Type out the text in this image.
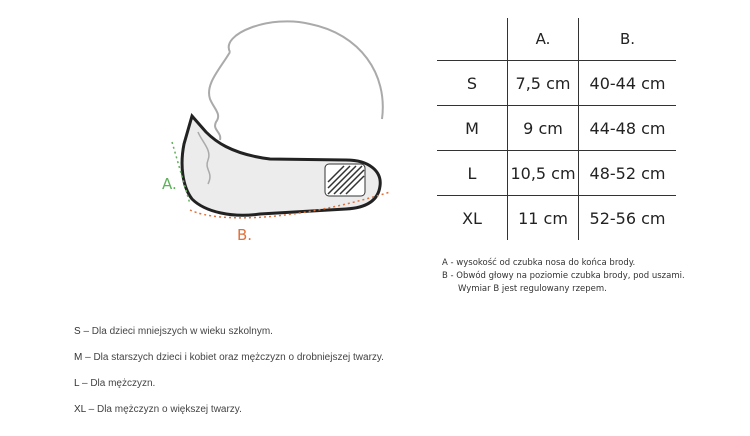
A.
B.
	A.	B.
S	7,5 cm	40-44 cm
M	9 cm	44-48 cm
L	10,5 cm	48-52 cm
XL	11 cm	52-56 cm
A - wysokość od czubka nosa do końca brody.
B - Obwód głowy na poziomie czubka brody, pod uszami.
Wymiar B jest regulowany rzepem.

S – Dla dzieci mniejszych w wieku szkolnym.

M – Dla starszych dzieci i kobiet oraz mężczyzn o drobniejszej twarzy.

L – Dla mężczyzn.

XL – Dla mężczyzn o większej twarzy.
